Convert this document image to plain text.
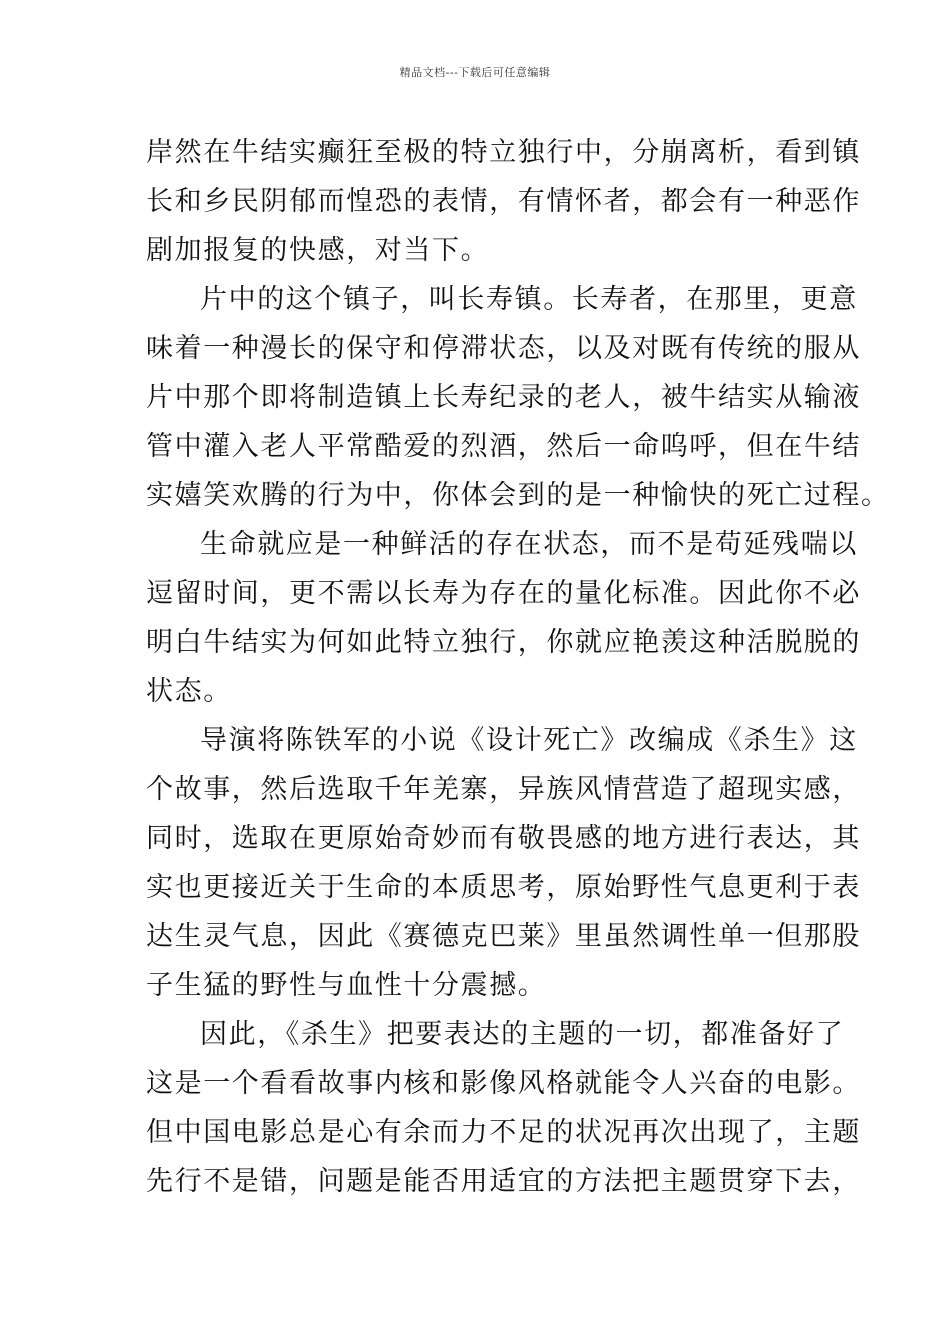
精品文档---下载后可任意编辑
岸然在牛结实癫狂至极的特立独行中，分崩离析，看到镇
长和乡民阴郁而惶恐的表情，有情怀者，都会有一种恶作
剧加报复的快感，对当下。
片中的这个镇子，叫长寿镇。长寿者，在那里，更意
味着一种漫长的保守和停滞状态，以及对既有传统的服从
片中那个即将制造镇上长寿纪录的老人，被牛结实从输液
管中灌入老人平常酷爱的烈酒，然后一命呜呼，但在牛结
实嬉笑欢腾的行为中，你体会到的是一种愉快的死亡过程。
生命就应是一种鲜活的存在状态，而不是苟延残喘以
逗留时间，更不需以长寿为存在的量化标准。因此你不必
明白牛结实为何如此特立独行，你就应艳羡这种活脱脱的
状态。
导演将陈铁军的小说《设计死亡》改编成《杀生》这
个故事，然后选取千年羌寨，异族风情营造了超现实感，
同时，选取在更原始奇妙而有敬畏感的地方进行表达，其
实也更接近关于生命的本质思考，原始野性气息更利于表
达生灵气息，因此《赛德克巴莱》里虽然调性单一但那股
子生猛的野性与血性十分震撼。
因此，《杀生》把要表达的主题的一切，都准备好了
这是一个看看故事内核和影像风格就能令人兴奋的电影。
但中国电影总是心有余而力不足的状况再次出现了，主题
先行不是错，问题是能否用适宜的方法把主题贯穿下去，
